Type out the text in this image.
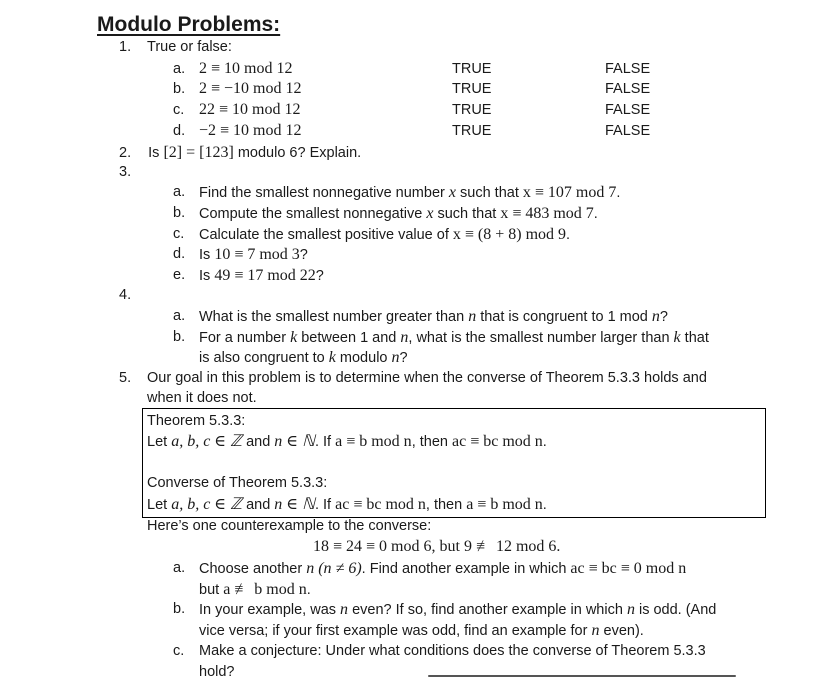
Modulo Problems:
1. True or false:
a. 2 ≡ 10 mod 12	TRUE	FALSE
b. 2 ≡ −10 mod 12	TRUE	FALSE
c. 22 ≡ 10 mod 12	TRUE	FALSE
d. −2 ≡ 10 mod 12	TRUE	FALSE
2. Is [2] = [123] modulo 6? Explain.
3.
a. Find the smallest nonnegative number x such that x ≡ 107 mod 7.
b. Compute the smallest nonnegative x such that x ≡ 483 mod 7.
c. Calculate the smallest positive value of x ≡ (8 + 8) mod 9.
d. Is 10 ≡ 7 mod 3?
e. Is 49 ≡ 17 mod 22?
4.
a. What is the smallest number greater than n that is congruent to 1 mod n?
b. For a number k between 1 and n, what is the smallest number larger than k that
is also congruent to k modulo n?
5. Our goal in this problem is to determine when the converse of Theorem 5.3.3 holds and
when it does not.
Theorem 5.3.3:
Let a, b, c ∈ ℤ and n ∈ ℕ. If a ≡ b mod n, then ac ≡ bc mod n.
Converse of Theorem 5.3.3:
Let a, b, c ∈ ℤ and n ∈ ℕ. If ac ≡ bc mod n, then a ≡ b mod n.
Here’s one counterexample to the converse:
18 ≡ 24 ≡ 0 mod 6, but 9 ≢ 12 mod 6.
a. Choose another n (n ≠ 6). Find another example in which ac ≡ bc ≡ 0 mod n
but a ≢ b mod n.
b. In your example, was n even? If so, find another example in which n is odd. (And
vice versa; if your first example was odd, find an example for n even).
c. Make a conjecture: Under what conditions does the converse of Theorem 5.3.3
hold?
